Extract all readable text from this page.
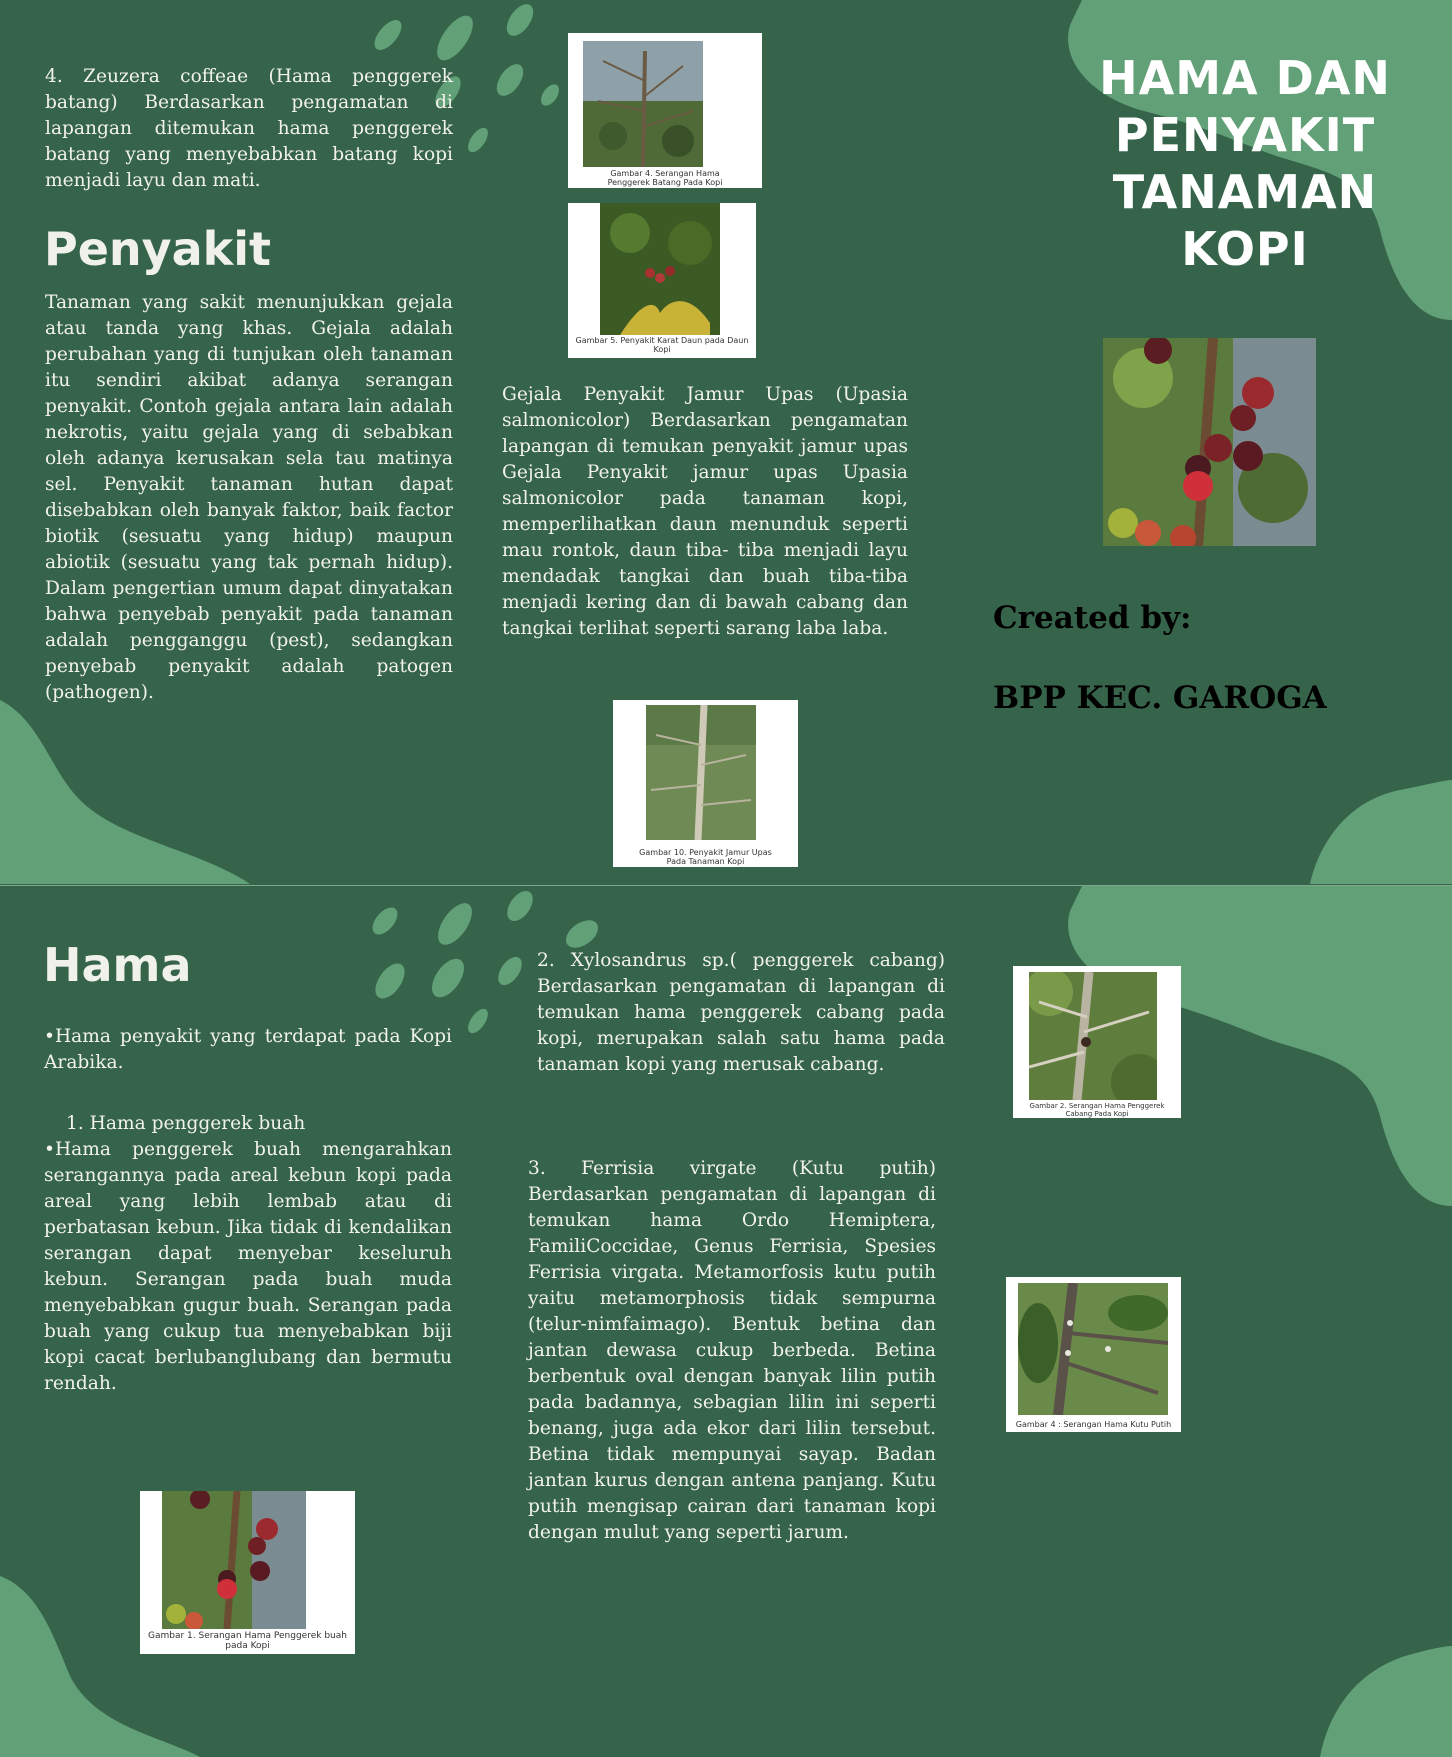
4. Zeuzera coffeae (Hama penggerek batang) Berdasarkan pengamatan di lapangan ditemukan hama penggerek batang yang menyebabkan batang kopi menjadi layu dan mati.

Penyakit

Tanaman yang sakit menunjukkan gejala atau tanda yang khas. Gejala adalah perubahan yang di tunjukan oleh tanaman itu sendiri akibat adanya serangan penyakit. Contoh gejala antara lain adalah nekrotis, yaitu gejala yang di sebabkan oleh adanya kerusakan sela tau matinya sel. Penyakit tanaman hutan dapat disebabkan oleh banyak faktor, baik factor biotik (sesuatu yang hidup) maupun abiotik (sesuatu yang tak pernah hidup). Dalam pengertian umum dapat dinyatakan bahwa penyebab penyakit pada tanaman adalah pengganggu (pest), sedangkan penyebab penyakit adalah patogen (pathogen).

Gambar 4. Serangan Hama Penggerek Batang Pada Kopi
Gambar 5. Penyakit Karat Daun pada Daun Kopi

Gejala Penyakit Jamur Upas (Upasia salmonicolor) Berdasarkan pengamatan lapangan di temukan penyakit jamur upas Gejala Penyakit jamur upas Upasia salmonicolor pada tanaman kopi, memperlihatkan daun menunduk seperti mau rontok, daun tiba- tiba menjadi layu mendadak tangkai dan buah tiba-tiba menjadi kering dan di bawah cabang dan tangkai terlihat seperti sarang laba laba.

Gambar 10. Penyakit Jamur Upas Pada Tanaman Kopi
HAMA DAN PENYAKIT TANAMAN KOPI

Created by:

BPP KEC. GAROGA

Hama

•Hama penyakit yang terdapat pada Kopi Arabika.

1. Hama penggerek buah

•Hama penggerek buah mengarahkan serangannya pada areal kebun kopi pada areal yang lebih lembab atau di perbatasan kebun. Jika tidak di kendalikan serangan dapat menyebar keseluruh kebun. Serangan pada buah muda menyebabkan gugur buah. Serangan pada buah yang cukup tua menyebabkan biji kopi cacat berlubanglubang dan bermutu rendah.

Gambar 1. Serangan Hama Penggerek buah pada Kopi

2. Xylosandrus sp.( penggerek cabang) Berdasarkan pengamatan di lapangan di temukan hama penggerek cabang pada kopi, merupakan salah satu hama pada tanaman kopi yang merusak cabang.

3. Ferrisia virgate (Kutu putih) Berdasarkan pengamatan di lapangan di temukan hama Ordo Hemiptera, FamiliCoccidae, Genus Ferrisia, Spesies Ferrisia virgata. Metamorfosis kutu putih yaitu metamorphosis tidak sempurna (telur-nimfaimago). Bentuk betina dan jantan dewasa cukup berbeda. Betina berbentuk oval dengan banyak lilin putih pada badannya, sebagian lilin ini seperti benang, juga ada ekor dari lilin tersebut. Betina tidak mempunyai sayap. Badan jantan kurus dengan antena panjang. Kutu putih mengisap cairan dari tanaman kopi dengan mulut yang seperti jarum.

Gambar 2. Serangan Hama Penggerek Cabang Pada Kopi
Gambar 4 : Serangan Hama Kutu Putih
